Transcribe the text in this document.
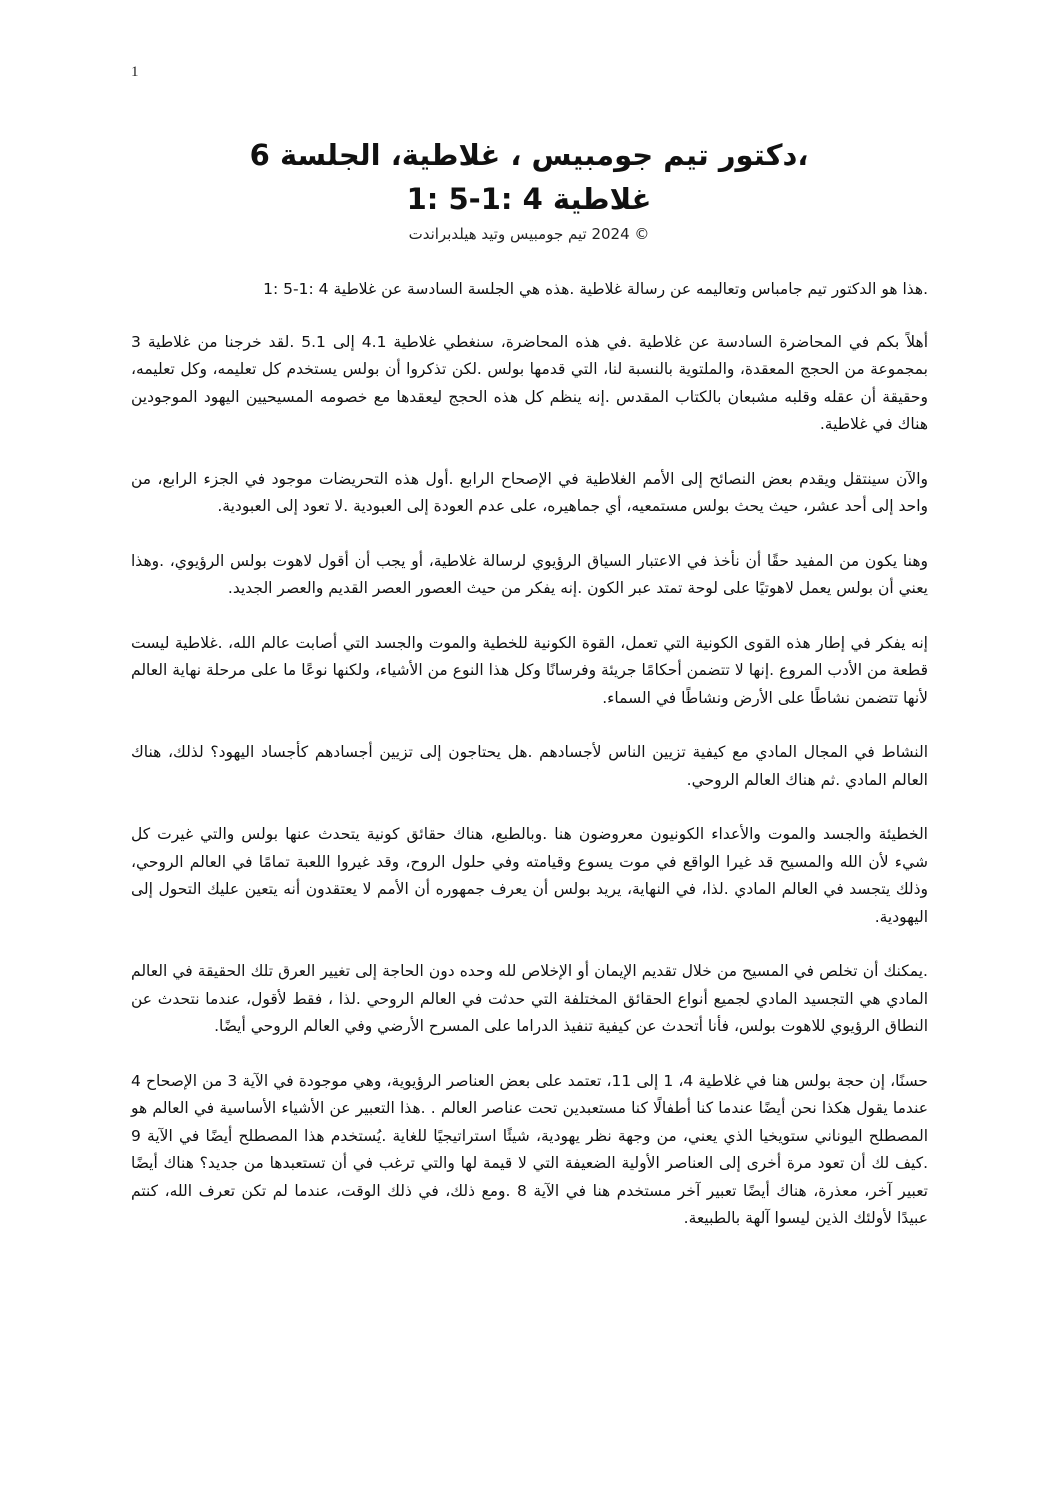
1
،دكتور تيم جومبيس ، غلاطية، الجلسة 6
غلاطية 4 :1-5 :1
© 2024 تيم جومبيس وتيد هيلدبراندت

.هذا هو الدكتور تيم جامباس وتعاليمه عن رسالة غلاطية .هذه هي الجلسة السادسة عن غلاطية 4 :1-5 :1

أهلاً بكم في المحاضرة السادسة عن غلاطية .في هذه المحاضرة، سنغطي غلاطية 4.1 إلى 5.1 .لقد خرجنا من غلاطية 3 بمجموعة من الحجج المعقدة، والملتوية بالنسبة لنا، التي قدمها بولس .لكن تذكروا أن بولس يستخدم كل تعليمه، وكل تعليمه، وحقيقة أن عقله وقلبه مشبعان بالكتاب المقدس .إنه ينظم كل هذه الحجج ليعقدها مع خصومه المسيحيين اليهود الموجودين هناك في غلاطية.

والآن سينتقل ويقدم بعض النصائح إلى الأمم الغلاطية في الإصحاح الرابع .أول هذه التحريضات موجود في الجزء الرابع، من واحد إلى أحد عشر، حيث يحث بولس مستمعيه، أي جماهيره، على عدم العودة إلى العبودية .لا تعود إلى العبودية.

وهنا يكون من المفيد حقًا أن نأخذ في الاعتبار السياق الرؤيوي لرسالة غلاطية، أو يجب أن أقول لاهوت بولس الرؤيوي، .وهذا يعني أن بولس يعمل لاهوتيًا على لوحة تمتد عبر الكون .إنه يفكر من حيث العصور العصر القديم والعصر الجديد.

إنه يفكر في إطار هذه القوى الكونية التي تعمل، القوة الكونية للخطية والموت والجسد التي أصابت عالم الله، .غلاطية ليست قطعة من الأدب المروع .إنها لا تتضمن أحكامًا جريئة وفرسانًا وكل هذا النوع من الأشياء، ولكنها نوعًا ما على مرحلة نهاية العالم لأنها تتضمن نشاطًا على الأرض ونشاطًا في السماء.

النشاط في المجال المادي مع كيفية تزيين الناس لأجسادهم .هل يحتاجون إلى تزيين أجسادهم كأجساد اليهود؟ لذلك، هناك العالم المادي .ثم هناك العالم الروحي.

الخطيئة والجسد والموت والأعداء الكونيون معروضون هنا .وبالطبع، هناك حقائق كونية يتحدث عنها بولس والتي غيرت كل شيء لأن الله والمسيح قد غيرا الواقع في موت يسوع وقيامته وفي حلول الروح، وقد غيروا اللعبة تمامًا في العالم الروحي، وذلك يتجسد في العالم المادي .لذا، في النهاية، يريد بولس أن يعرف جمهوره أن الأمم لا يعتقدون أنه يتعين عليك التحول إلى اليهودية.

.يمكنك أن تخلص في المسيح من خلال تقديم الإيمان أو الإخلاص لله وحده دون الحاجة إلى تغيير العرق تلك الحقيقة في العالم المادي هي التجسيد المادي لجميع أنواع الحقائق المختلفة التي حدثت في العالم الروحي .لذا ، فقط لأقول، عندما نتحدث عن النطاق الرؤيوي للاهوت بولس، فأنا أتحدث عن كيفية تنفيذ الدراما على المسرح الأرضي وفي العالم الروحي أيضًا.

حسنًا، إن حجة بولس هنا في غلاطية 4، 1 إلى 11، تعتمد على بعض العناصر الرؤيوية، وهي موجودة في الآية 3 من الإصحاح 4 عندما يقول هكذا نحن أيضًا عندما كنا أطفالًا كنا مستعبدين تحت عناصر العالم . .هذا التعبير عن الأشياء الأساسية في العالم هو المصطلح اليوناني ستويخيا الذي يعني، من وجهة نظر يهودية، شيئًا استراتيجيًا للغاية .يُستخدم هذا المصطلح أيضًا في الآية 9 .كيف لك أن تعود مرة أخرى إلى العناصر الأولية الضعيفة التي لا قيمة لها والتي ترغب في أن تستعبدها من جديد؟ هناك أيضًا تعبير آخر، معذرة، هناك أيضًا تعبير آخر مستخدم هنا في الآية 8 .ومع ذلك، في ذلك الوقت، عندما لم تكن تعرف الله، كنتم عبيدًا لأولئك الذين ليسوا آلهة بالطبيعة.
